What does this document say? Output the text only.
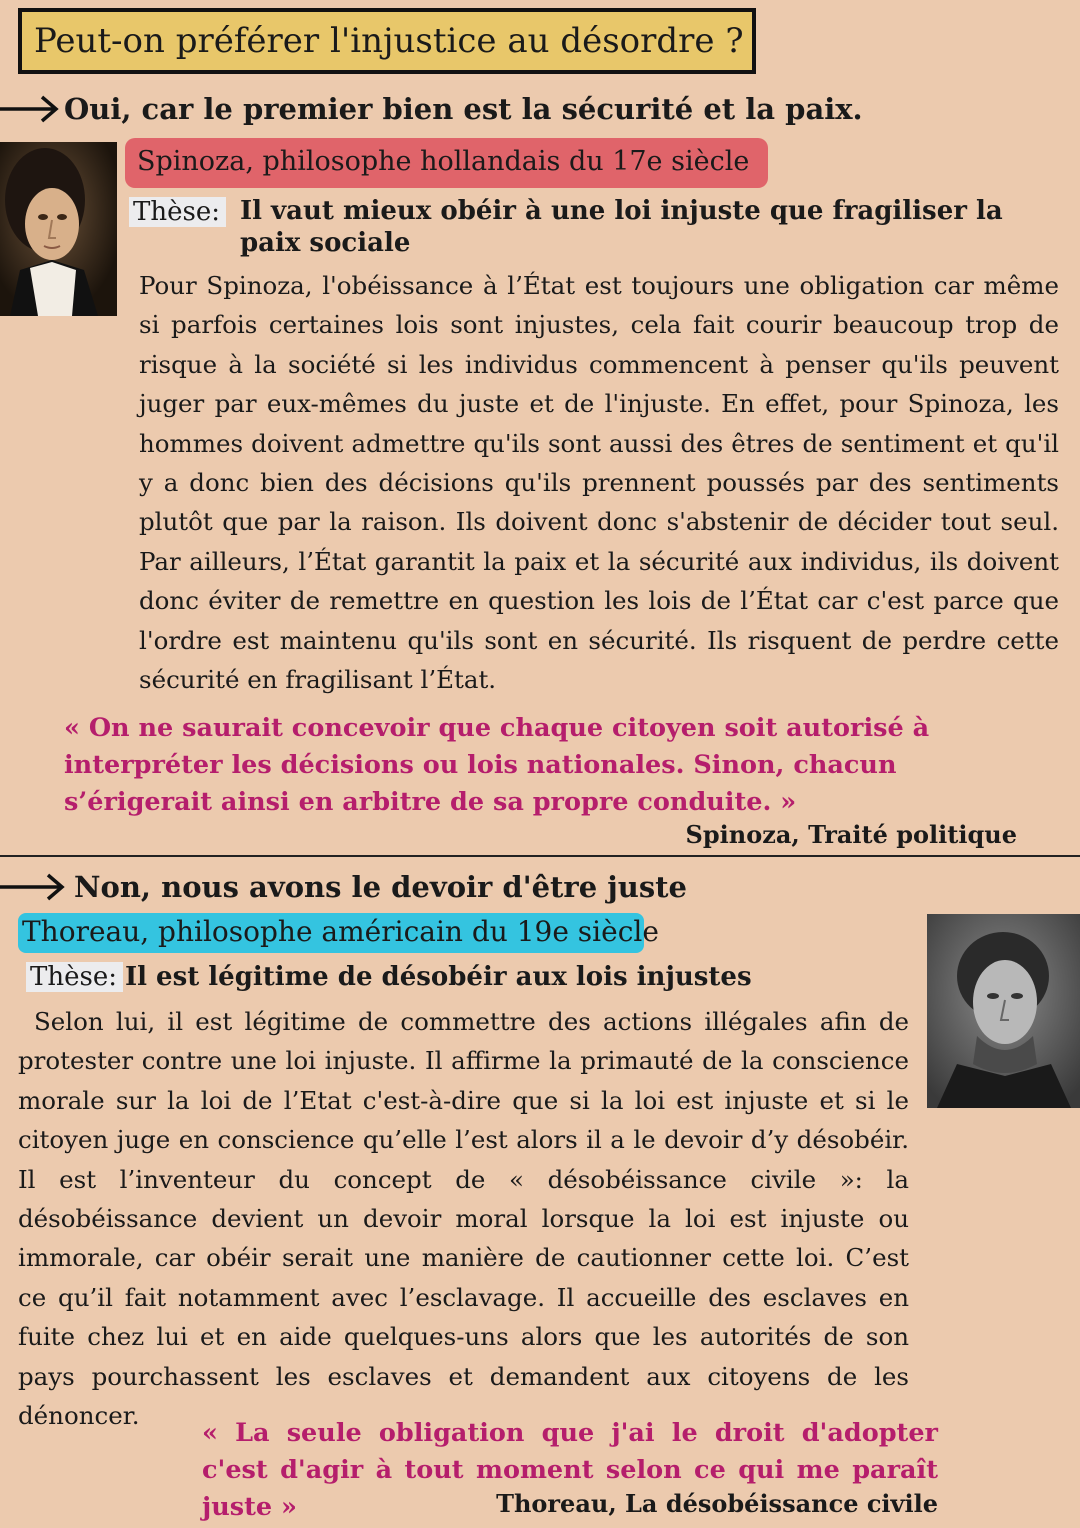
Peut-on préférer l'injustice au désordre ?
Oui, car le premier bien est la sécurité et la paix.
Spinoza, philosophe hollandais du 17e siècle
Thèse:	Il vaut mieux obéir à une loi injuste que fragiliser la paix sociale
Pour Spinoza, l'obéissance à l’État est toujours une obligation car même si parfois certaines lois sont injustes, cela fait courir beaucoup trop de risque à la société si les individus commencent à penser qu'ils peuvent juger par eux-mêmes du juste et de l'injuste. En effet, pour Spinoza, les hommes doivent admettre qu'ils sont aussi des êtres de sentiment et qu'il y a donc bien des décisions qu'ils prennent poussés par des sentiments plutôt que par la raison. Ils doivent donc s'abstenir de décider tout seul. Par ailleurs, l’État garantit la paix et la sécurité aux individus, ils doivent donc éviter de remettre en question les lois de l’État car c'est parce que l'ordre est maintenu qu'ils sont en sécurité. Ils risquent de perdre cette sécurité en fragilisant l’État.
« On ne saurait concevoir que chaque citoyen soit autorisé à interpréter les décisions ou lois nationales. Sinon, chacun s’érigerait ainsi en arbitre de sa propre conduite. »
Spinoza, Traité politique
Non, nous avons le devoir d'être juste
Thoreau, philosophe américain du 19e siècle
Thèse: Il est légitime de désobéir aux lois injustes
Selon lui, il est légitime de commettre des actions illégales afin de protester contre une loi injuste. Il affirme la primauté de la conscience morale sur la loi de l’Etat c'est-à-dire que si la loi est injuste et si le citoyen juge en conscience qu’elle l’est alors il a le devoir d’y désobéir. Il est l’inventeur du concept de « désobéissance civile »: la désobéissance devient un devoir moral lorsque la loi est injuste ou immorale, car obéir serait une manière de cautionner cette loi. C’est ce qu’il fait notamment avec l’esclavage. Il accueille des esclaves en fuite chez lui et en aide quelques-uns alors que les autorités de son pays pourchassent les esclaves et demandent aux citoyens de les dénoncer.
« La seule obligation que j'ai le droit d'adopter c'est d'agir à tout moment selon ce qui me paraît juste »	Thoreau, La désobéissance civile
